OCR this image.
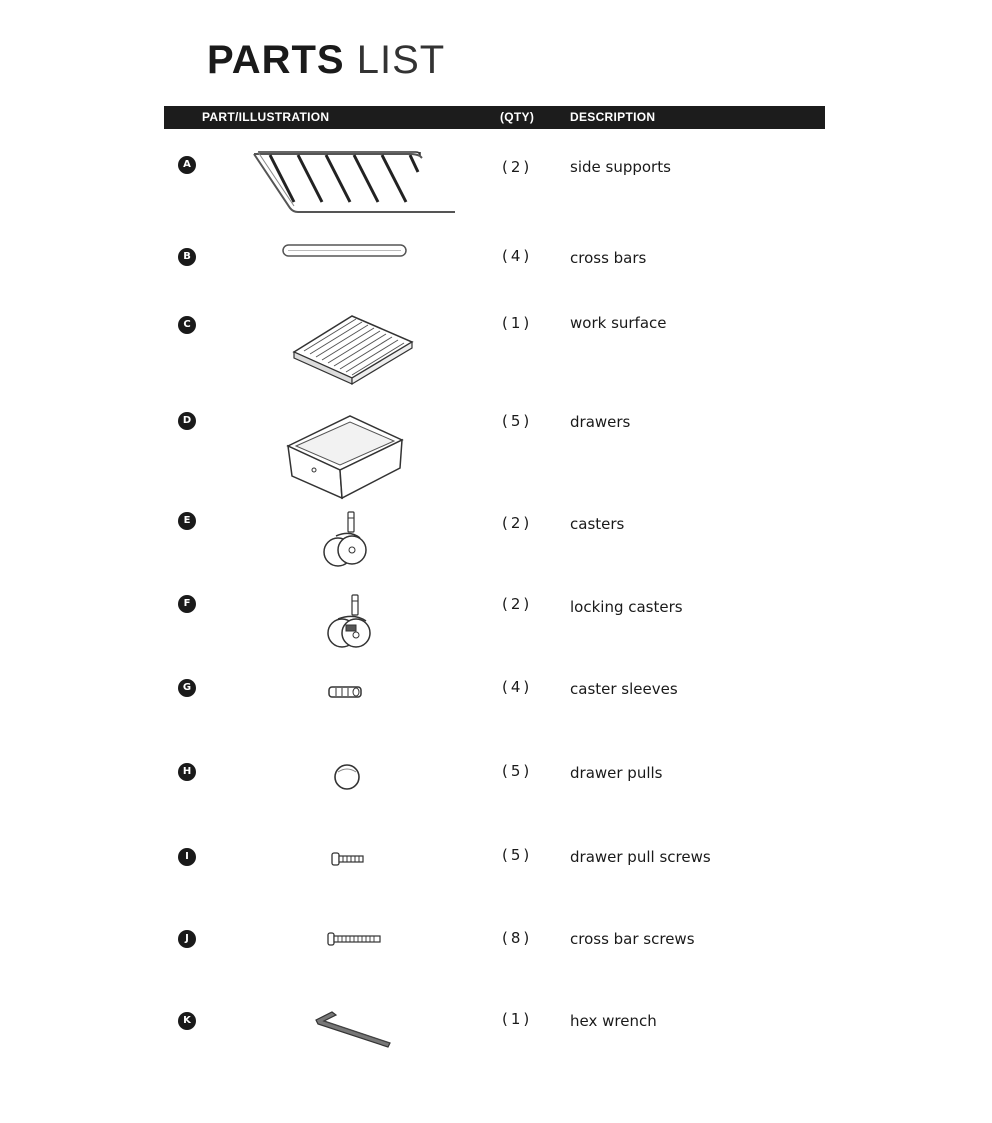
PARTS LIST
PART/ILLUSTRATION	(QTY)	DESCRIPTION
A	(2)	side supports
B	(4)	cross bars
C	(1)	work surface
D	(5)	drawers
E	(2)	casters
F	(2)	locking casters
G	(4)	caster sleeves
H	(5)	drawer pulls
I	(5)	drawer pull screws
J	(8)	cross bar screws
K	(1)	hex wrench
